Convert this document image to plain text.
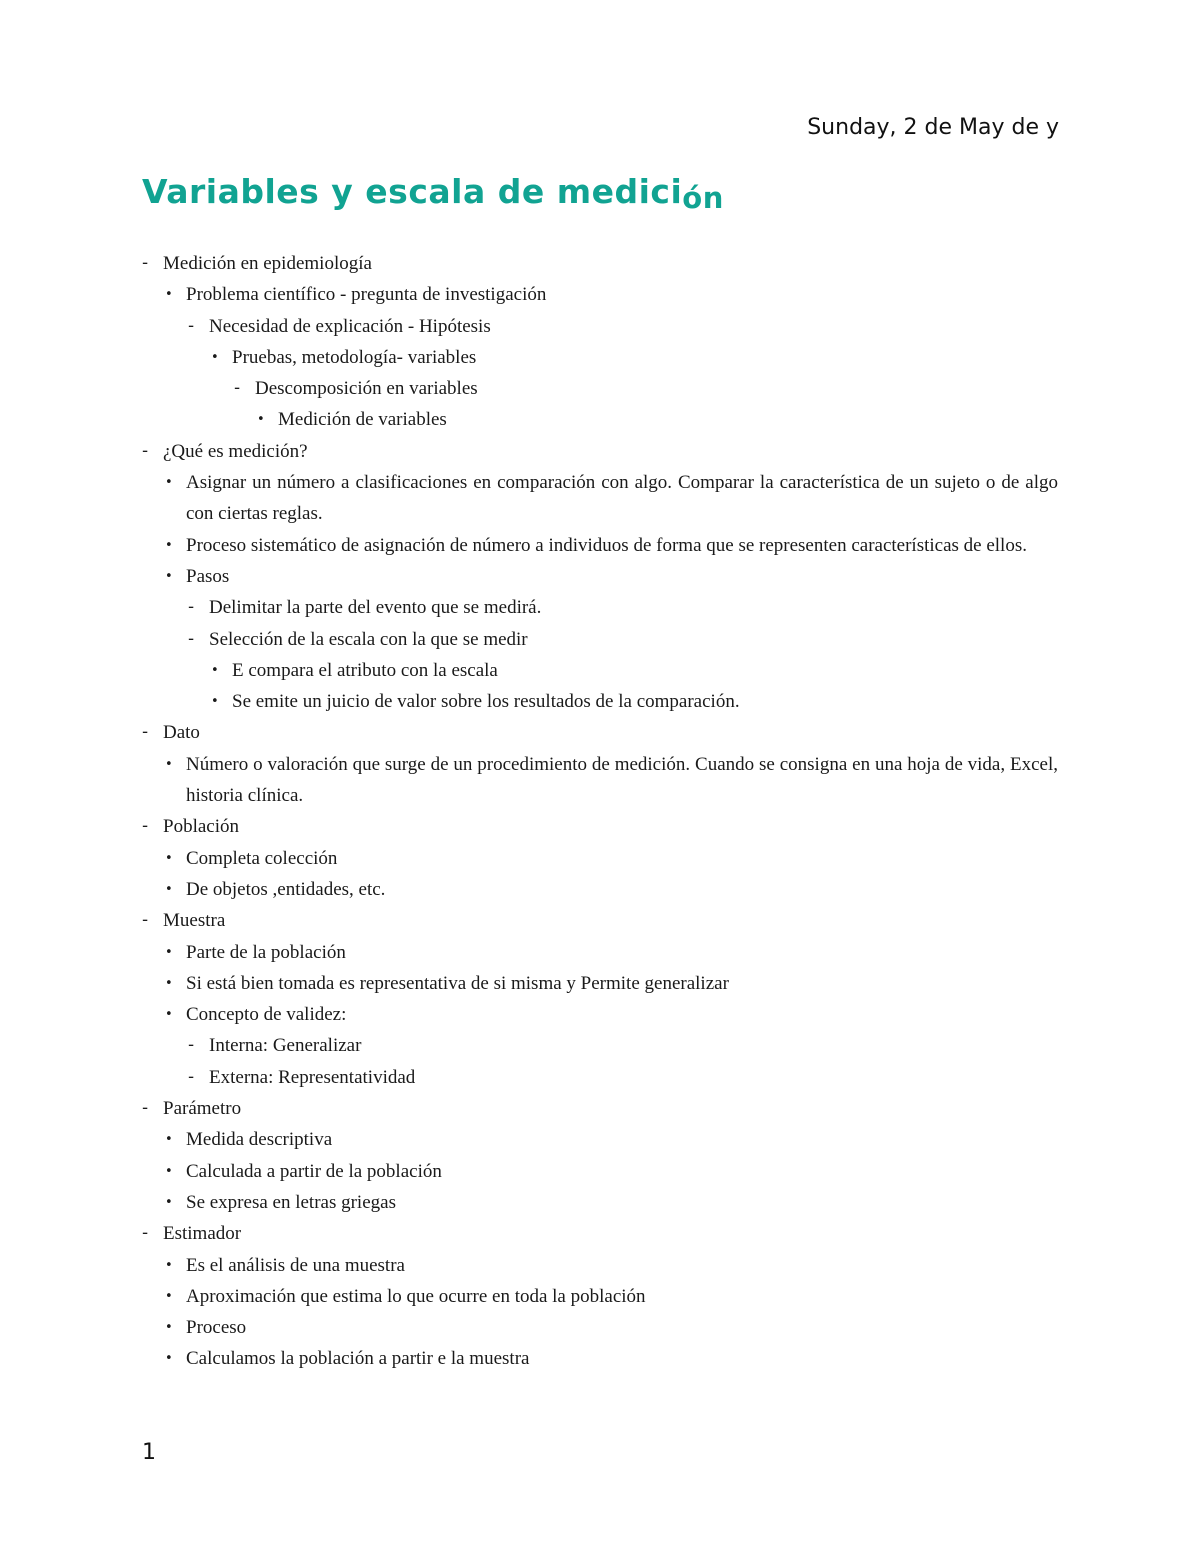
Sunday, 2 de May de y
Variables y escala de medición
- Medición en epidemiología
• Problema científico - pregunta de investigación
- Necesidad de explicación - Hipótesis
• Pruebas, metodología- variables
- Descomposición en variables
• Medición de variables
- ¿Qué es medición?
• Asignar un número a clasificaciones en comparación con algo. Comparar la característica de un sujeto o de algo con ciertas reglas.
• Proceso sistemático de asignación de número a individuos de forma que se representen características de ellos.
• Pasos
- Delimitar la parte del evento que se medirá.
- Selección de la escala con la que se medir
• E compara el atributo con la escala
• Se emite un juicio de valor sobre los resultados de la comparación.
- Dato
• Número o valoración que surge de un procedimiento de medición. Cuando se consigna en una hoja de vida, Excel, historia clínica.
- Población
• Completa colección
• De objetos ,entidades, etc.
- Muestra
• Parte de la población
• Si está bien tomada es representativa de si misma y Permite generalizar
• Concepto de validez:
- Interna: Generalizar
- Externa: Representatividad
- Parámetro
• Medida descriptiva
• Calculada a partir de la población
• Se expresa en letras griegas
- Estimador
• Es el análisis de una muestra
• Aproximación que estima lo que ocurre en toda la población
• Proceso
• Calculamos la población a partir e la muestra
1
